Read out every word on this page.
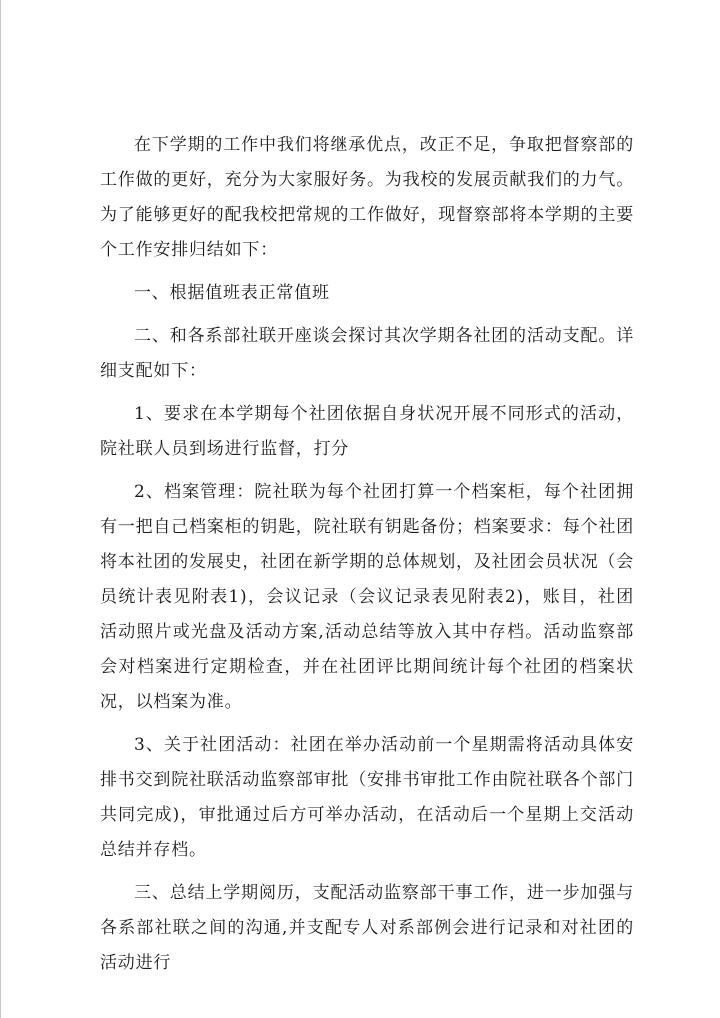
在下学期的工作中我们将继承优点，改正不足，争取把督察部的工作做的更好，充分为大家服好务。为我校的发展贡献我们的力气。为了能够更好的配我校把常规的工作做好，现督察部将本学期的主要个工作安排归结如下：

一、根据值班表正常值班

二、和各系部社联开座谈会探讨其次学期各社团的活动支配。详细支配如下：

1、要求在本学期每个社团依据自身状况开展不同形式的活动，院社联人员到场进行监督，打分

2、档案管理：院社联为每个社团打算一个档案柜，每个社团拥有一把自己档案柜的钥匙，院社联有钥匙备份；档案要求：每个社团将本社团的发展史，社团在新学期的总体规划，及社团会员状况（会员统计表见附表1)，会议记录（会议记录表见附表2)，账目，社团活动照片或光盘及活动方案,活动总结等放入其中存档。活动监察部会对档案进行定期检查，并在社团评比期间统计每个社团的档案状况，以档案为准。

3、关于社团活动：社团在举办活动前一个星期需将活动具体安排书交到院社联活动监察部审批（安排书审批工作由院社联各个部门共同完成)，审批通过后方可举办活动，在活动后一个星期上交活动总结并存档。

三、总结上学期阅历，支配活动监察部干事工作，进一步加强与各系部社联之间的沟通,并支配专人对系部例会进行记录和对社团的活动进行
